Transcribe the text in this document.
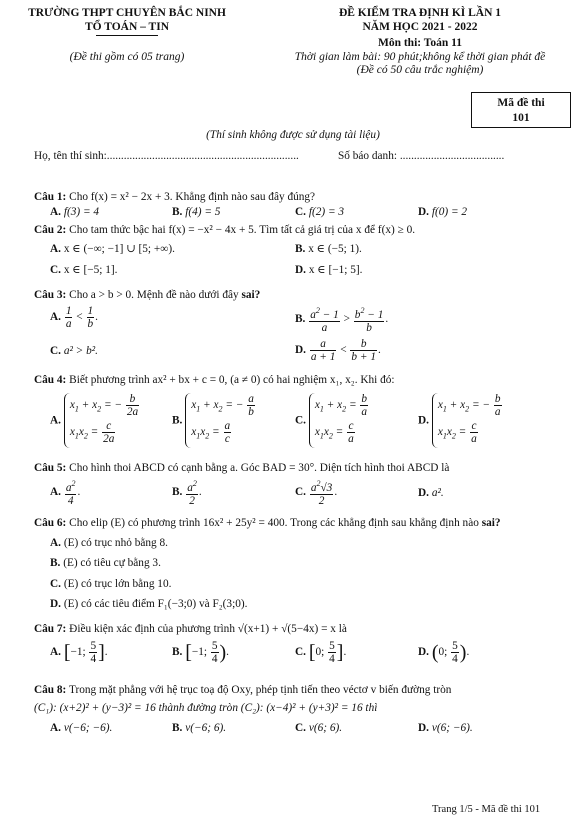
TRƯỜNG THPT CHUYÊN BẮC NINH
TỔ TOÁN – TIN
(Đề thi gồm có 05 trang)
ĐỀ KIỂM TRA ĐỊNH KÌ LẦN 1
NĂM HỌC 2021 - 2022
Môn thi: Toán 11
Thời gian làm bài: 90 phút;không kể thời gian phát đề
(Đề có 50 câu trắc nghiệm)
Mã đề thi
101
(Thí sinh không được sử dụng tài liệu)
Họ, tên thí sinh:....................................................................	Số báo danh: .....................................
Câu 1: Cho f(x) = x² − 2x + 3. Khẳng định nào sau đây đúng?
A. f(3) = 4	B. f(4) = 5	C. f(2) = 3	D. f(0) = 2
Câu 2: Cho tam thức bậc hai f(x) = −x² − 4x + 5. Tìm tất cả giá trị của x để f(x) ≥ 0.
A. x ∈ (−∞; −1] ∪ [5; +∞).	B. x ∈ (−5; 1).
C. x ∈ [−5; 1].	D. x ∈ [−1; 5].
Câu 3: Cho a > b > 0. Mệnh đề nào dưới đây sai?
A. $\frac{1}{a} < \frac{1}{b}$ .	B. $\frac{a^2 - 1}{a} > \frac{b^2 - 1}{b}$ .
C. a² > b².	D. $\frac{a}{a + 1} < \frac{b}{b + 1}$ .
Câu 4: Biết phương trình ax² + bx + c = 0, (a ≠ 0) có hai nghiệm x₁, x₂. Khi đó:
A.
$x_1 + x_2$ = − $\frac{b}{2a}$
$x_1x_2 = \frac{c}{2a}$	B.
$x_1 + x_2$ = − $\frac{a}{b}$
$x_1x_2 = \frac{a}{c}$	C.
$x_1 + x_2 = \frac{b}{a}$
$x_1x_2 = \frac{c}{a}$	D.
$x_1 + x_2$ = − $\frac{b}{a}$
$x_1x_2 = \frac{c}{a}$
Câu 5: Cho hình thoi ABCD có cạnh bằng a. Góc BAD = 30°. Diện tích hình thoi ABCD là
A. $\frac{a^2}{4}$ .	B. $\frac{a^2}{2}$ .	C. $\frac{a^2√3}{2}$ .	D. a².
Câu 6: Cho elip (E) có phương trình 16x² + 25y² = 400. Trong các khẳng định sau khẳng định nào sai?
A. (E) có trục nhỏ bằng 8.
B. (E) có tiêu cự bằng 3.
C. (E) có trục lớn bằng 10.
D. (E) có các tiêu điểm F₁(−3;0) và F₂(3;0).
Câu 7: Điều kiện xác định của phương trình √(x+1) + √(5−4x) = x là
A. [−1; $\frac{5}{4}$ ].	B. [−1; $\frac{5}{4}$ ).	C. [0; $\frac{5}{4}$ ].	D. (0; $\frac{5}{4}$ ).
Câu 8: Trong mặt phẳng với hệ trục toạ độ Oxy, phép tịnh tiến theo véctơ v biến đường tròn
(C₁): (x+2)² + (y−3)² = 16 thành đường tròn (C₂): (x−4)² + (y+3)² = 16 thì
A. v(−6; −6).	B. v(−6; 6).	C. v(6; 6).	D. v(6; −6).
Trang 1/5 - Mã đề thi 101
